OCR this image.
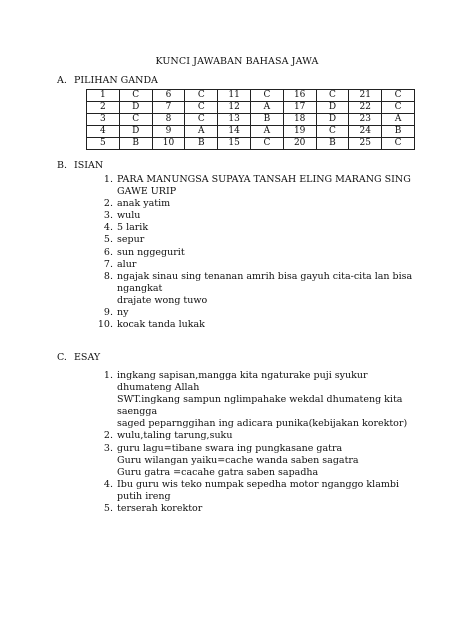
KUNCI JAWABAN BAHASA JAWA
A. PILIHAN GANDA
1	C	6	C	11	C	16	C	21	C
2	D	7	C	12	A	17	D	22	C
3	C	8	C	13	B	18	D	23	A
4	D	9	A	14	A	19	C	24	B
5	B	10	B	15	C	20	B	25	C
B. ISIAN
1. PARA MANUNGSA SUPAYA TANSAH ELING MARANG SING GAWE URIP
2. anak yatim
3. wulu
4. 5 larik
5. sepur
6. sun nggegurit
7. alur
8. ngajak sinau sing tenanan amrih bisa gayuh cita-cita lan bisa ngangkat
drajate wong tuwo
9. ny
10. kocak tanda lukak
C. ESAY
1. ingkang sapisan,mangga kita ngaturake puji syukur dhumateng Allah
SWT.ingkang sampun nglimpahake wekdal dhumateng kita saengga
saged peparnggihan ing adicara punika(kebijakan korektor)
2. wulu,taling tarung,suku
3. guru lagu=tibane swara ing pungkasane gatra
Guru wilangan yaiku=cache wanda saben sagatra
Guru gatra =cacahe gatra saben sapadha
4. Ibu guru wis teko numpak sepedha motor nganggo klambi putih ireng
5. terserah korektor
